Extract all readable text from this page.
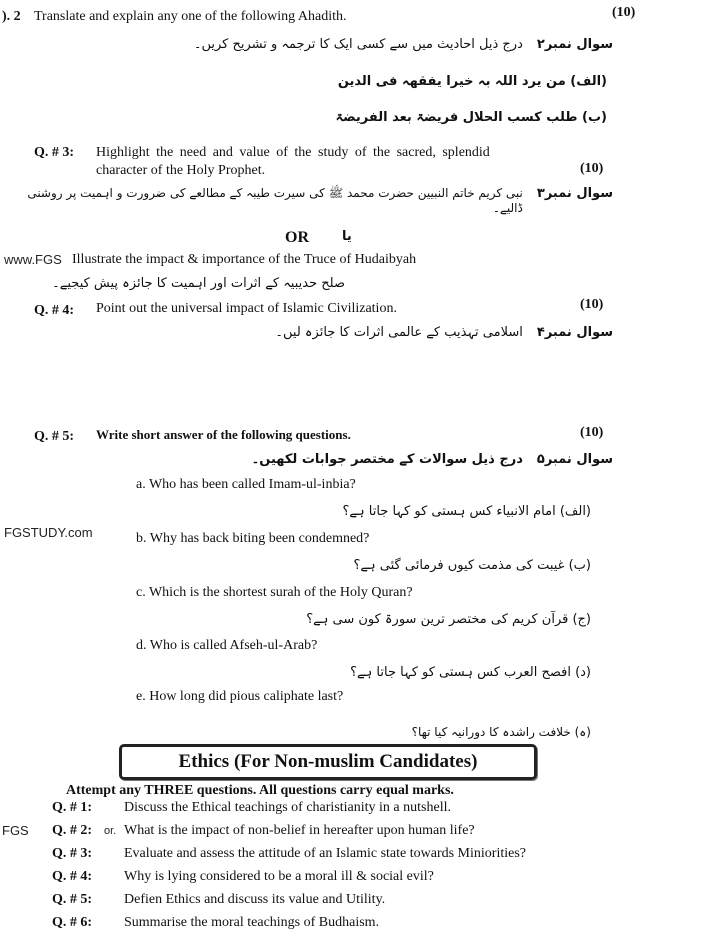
). 2 Translate and explain any one of the following Ahadith.	(10)
سوال نمبر۲
درج ذیل احادیث میں سے کسی ایک کا ترجمہ و تشریح کریں۔
(الف) من یرد اللہ بہ خیرا یفقھہ فی الدین
(ب) طلب کسب الحلال فریضۃ بعد الفریضۃ
Q. # 3: Highlight the need and value of the study of the sacred, splendid
character of the Holy Prophet.	(10)
سوال نمبر۳
نبی کریم خاتم النبیین حضرت محمد ﷺ کی سیرت طیبہ کے مطالعے کی ضرورت و اہمیت پر روشنی ڈالیے۔
OR	یا
www.FGS Illustrate the impact & importance of the Truce of Hudaibyah
صلح حدیبیہ کے اثرات اور اہمیت کا جائزہ پیش کیجیے۔
Q. # 4: Point out the universal impact of Islamic Civilization.	(10)
سوال نمبر۴
اسلامی تہذیب کے عالمی اثرات کا جائزہ لیں۔
Q. # 5: Write short answer of the following questions.	(10)
سوال نمبر۵
درج ذیل سوالات کے مختصر جوابات لکھیں۔
a. Who has been called Imam-ul-inbia?
(الف) امام الانبیاء کس ہستی کو کہا جاتا ہے؟
FGSTUDY.com	b. Why has back biting been condemned?
(ب) غیبت کی مذمت کیوں فرمائی گئی ہے؟
c. Which is the shortest surah of the Holy Quran?
(ج) قرآن کریم کی مختصر ترین سورۃ کون سی ہے؟
d. Who is called Afseh-ul-Arab?
(د) افصح العرب کس ہستی کو کہا جاتا ہے؟
e. How long did pious caliphate last?
(ہ) خلافت راشدہ کا دورانیہ کیا تھا؟
Ethics (For Non-muslim Candidates)
Attempt any THREE questions. All questions carry equal marks.
Q. # 1: Discuss the Ethical teachings of charistianity in a nutshell.
FGS Q. # 2: or. What is the impact of non-belief in hereafter upon human life?
Q. # 3: Evaluate and assess the attitude of an Islamic state towards Miniorities?
Q. # 4: Why is lying considered to be a moral ill & social evil?
Q. # 5: Defien Ethics and discuss its value and Utility.
Q. # 6: Summarise the moral teachings of Budhaism.
